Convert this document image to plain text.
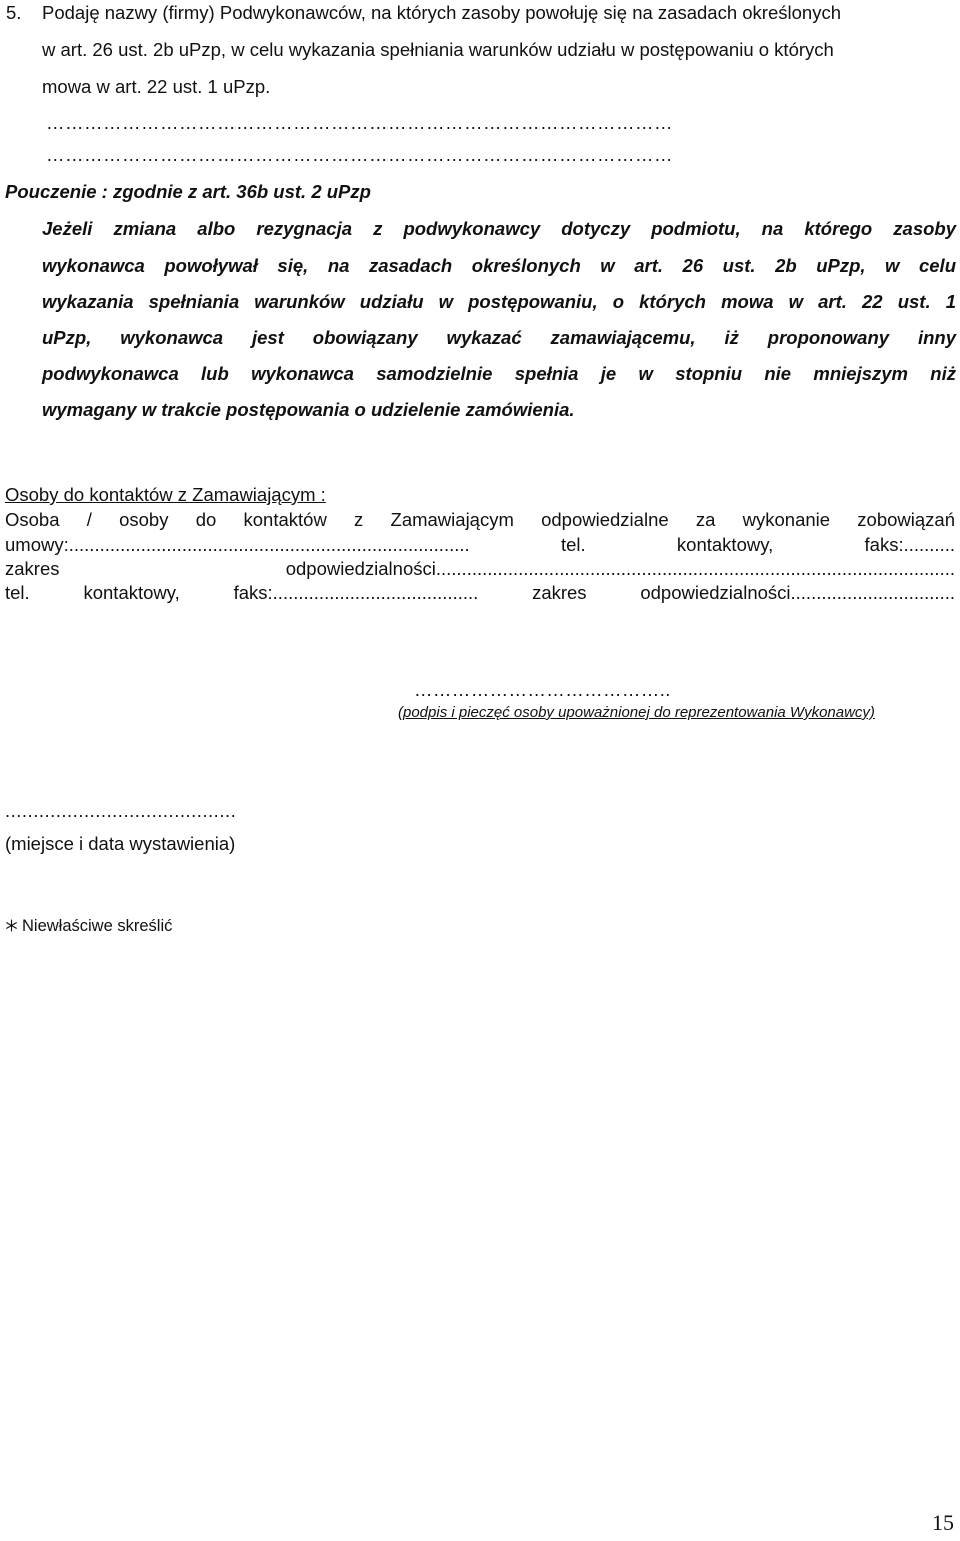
5. Podaję nazwy (firmy) Podwykonawców, na których zasoby powołuję się na zasadach określonych
w art. 26 ust. 2b uPzp, w celu wykazania spełniania warunków udziału w postępowaniu o których
mowa w art. 22 ust. 1 uPzp.
………………………………………………………………………………………
………………………………………………………………………………………
Pouczenie : zgodnie z art. 36b ust. 2 uPzp
Jeżeli zmiana albo rezygnacja z podwykonawcy dotyczy podmiotu, na którego zasoby
wykonawca powoływał się, na zasadach określonych w art. 26 ust. 2b uPzp, w celu
wykazania spełniania warunków udziału w postępowaniu, o których mowa w art. 22 ust. 1
uPzp, wykonawca jest obowiązany wykazać zamawiającemu, iż proponowany inny
podwykonawca lub wykonawca samodzielnie spełnia je w stopniu nie mniejszym niż
wymagany w trakcie postępowania o udzielenie zamówienia.
Osoby do kontaktów z Zamawiającym :
Osoba / osoby do kontaktów z Zamawiającym odpowiedzialne za wykonanie zobowiązań
umowy:.............................................................................. tel. kontaktowy, faks:..........
zakres odpowiedzialności.....................................................................................................
tel. kontaktowy, faks:........................................ zakres odpowiedzialności................................
…………………………………..
(podpis i pieczęć osoby upoważnionej do reprezentowania Wykonawcy)
.........................................
(miejsce i data wystawienia)
Niewłaściwe skreślić
15
